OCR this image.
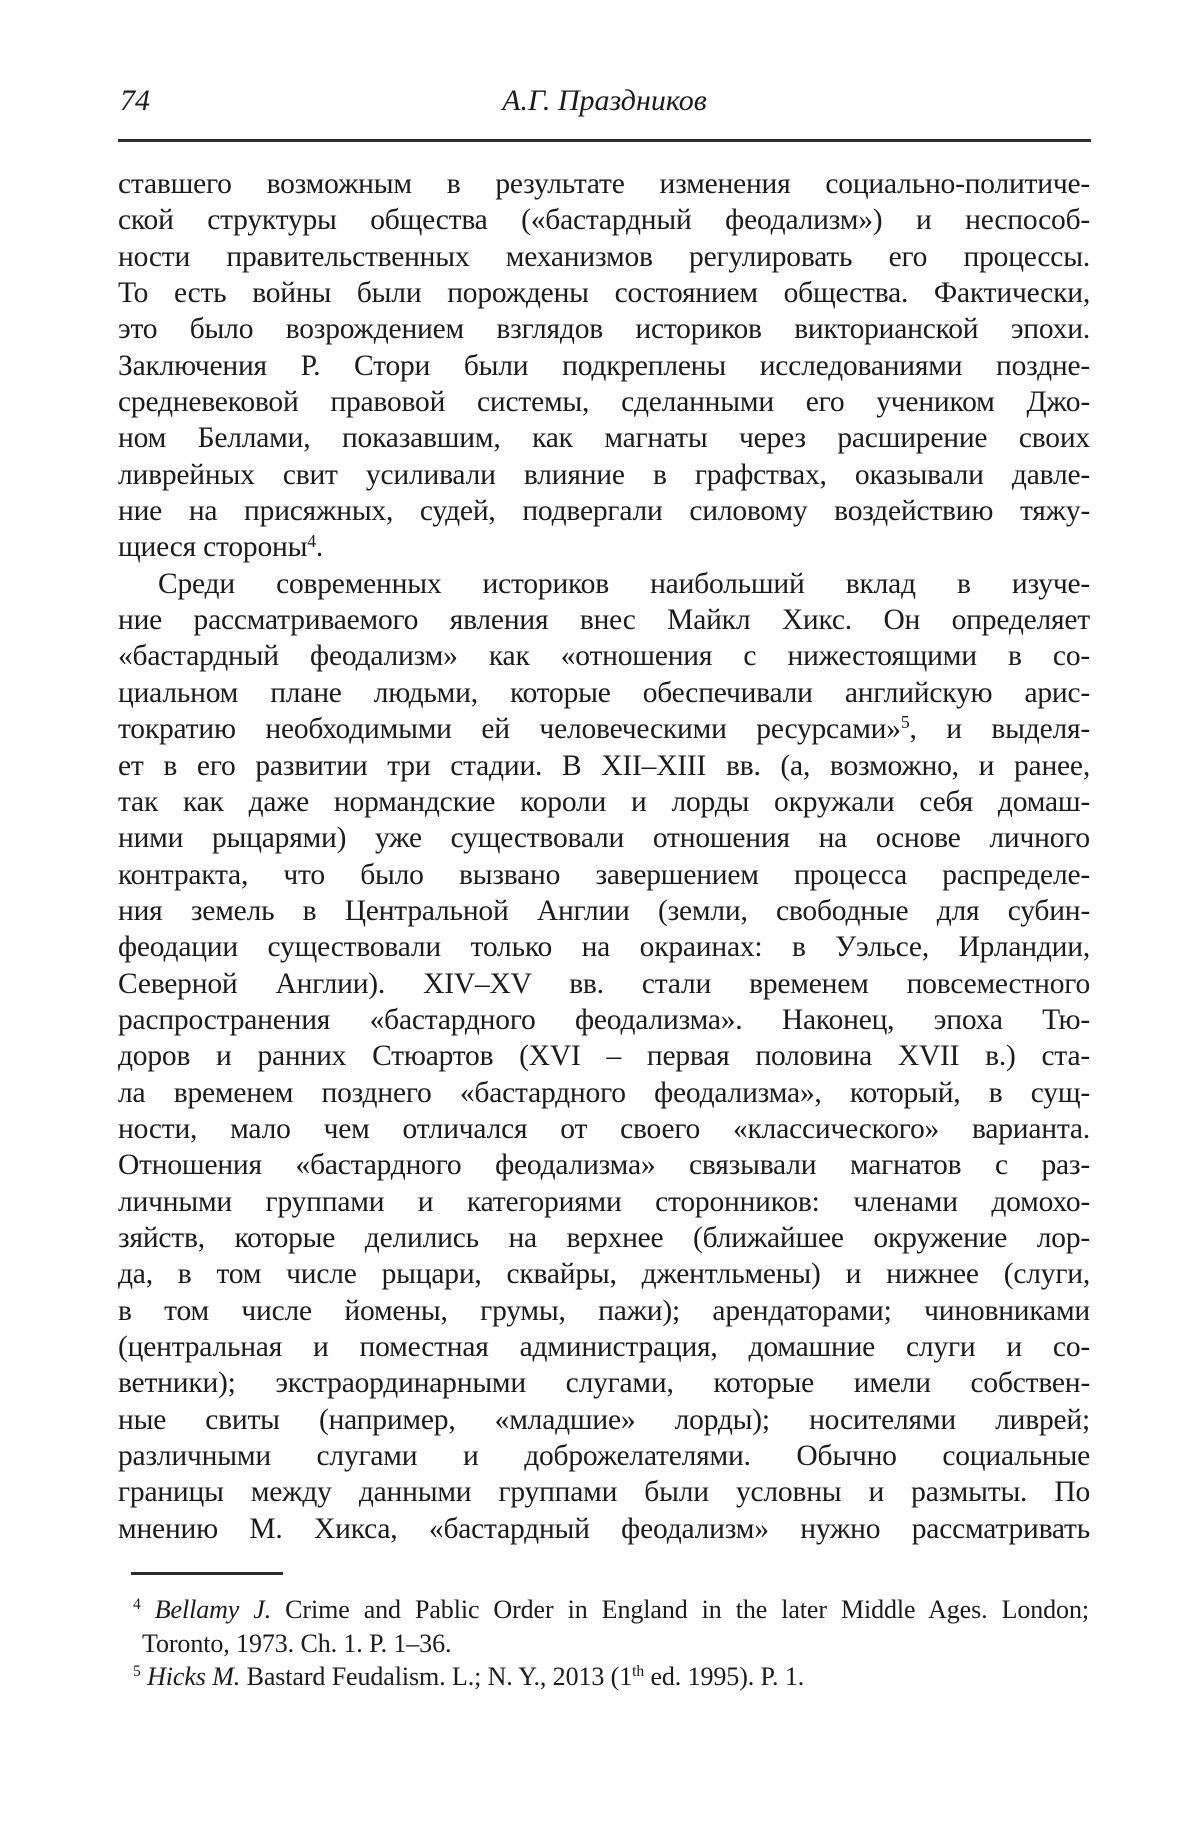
74	А.Г. Праздников
ставшего возможным в результате изменения социально-политиче-
ской структуры общества («бастардный феодализм») и неспособ-
ности правительственных механизмов регулировать его процессы.
То есть войны были порождены состоянием общества. Фактически,
это было возрождением взглядов историков викторианской эпохи.
Заключения Р. Стори были подкреплены исследованиями поздне-
средневековой правовой системы, сделанными его учеником Джо-
ном Беллами, показавшим, как магнаты через расширение своих
ливрейных свит усиливали влияние в графствах, оказывали давле-
ние на присяжных, судей, подвергали силовому воздействию тяжу-
щиеся стороны$^4$.
Среди современных историков наибольший вклад в изуче-
ние рассматриваемого явления внес Майкл Хикс. Он определяет
«бастардный феодализм» как «отношения с нижестоящими в со-
циальном плане людьми, которые обеспечивали английскую арис-
тократию необходимыми ей человеческими ресурсами»$^5$, и выделя-
ет в его развитии три стадии. В XII–XIII вв. (а, возможно, и ранее,
так как даже нормандские короли и лорды окружали себя домаш-
ними рыцарями) уже существовали отношения на основе личного
контракта, что было вызвано завершением процесса распределе-
ния земель в Центральной Англии (земли, свободные для субин-
феодации существовали только на окраинах: в Уэльсе, Ирландии,
Северной Англии). XIV–XV вв. стали временем повсеместного
распространения «бастардного феодализма». Наконец, эпоха Тю-
доров и ранних Стюартов (XVI – первая половина XVII в.) ста-
ла временем позднего «бастардного феодализма», который, в сущ-
ности, мало чем отличался от своего «классического» варианта.
Отношения «бастардного феодализма» связывали магнатов с раз-
личными группами и категориями сторонников: членами домохо-
зяйств, которые делились на верхнее (ближайшее окружение лор-
да, в том числе рыцари, сквайры, джентльмены) и нижнее (слуги,
в том числе йомены, грумы, пажи); арендаторами; чиновниками
(центральная и поместная администрация, домашние слуги и со-
ветники); экстраординарными слугами, которые имели собствен-
ные свиты (например, «младшие» лорды); носителями ливрей;
различными слугами и доброжелателями. Обычно социальные
границы между данными группами были условны и размыты. По
мнению М. Хикса, «бастардный феодализм» нужно рассматривать
$^4$ Bellamy J. Crime and Pablic Order in England in the later Middle Ages. London;
Toronto, 1973. Ch. 1. P. 1–36.
$^5$ Hicks M. Bastard Feudalism. L.; N. Y., 2013 (1th ed. 1995). P. 1.
